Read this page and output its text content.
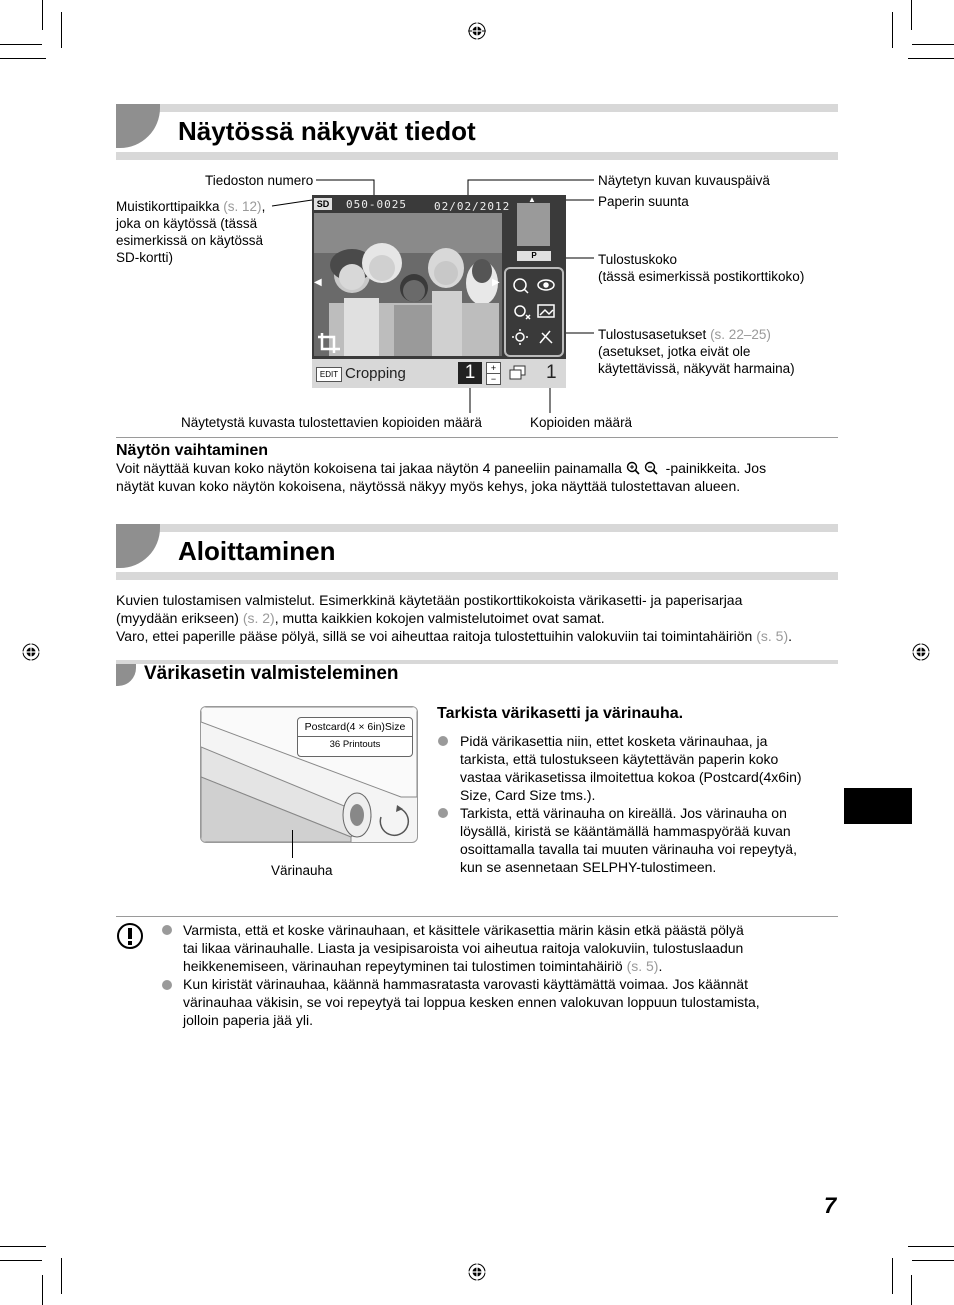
Näytössä näkyvät tiedot
Tiedoston numero
Muistikorttipaikka (s. 12),
joka on käytössä (tässä
esimerkissä on käytössä
SD-kortti)
Näytetyn kuvan kuvauspäivä
Paperin suunta
Tulostuskoko
(tässä esimerkissä postikorttikoko)
Tulostusasetukset (s. 22–25)
(asetukset, jotka eivät ole
käytettävissä, näkyvät harmaina)
Näytetystä kuvasta tulostettavien kopioiden määrä	Kopioiden määrä
SD 050-0025 02/02/2012
◀	▶
▲
P
EDIT Cropping	1	+
−	1
Näytön vaihtaminen
Voit näyttää kuvan koko näytön kokoisena tai jakaa näytön 4 paneeliin painamalla	-painikkeita. Jos
näytät kuvan koko näytön kokoisena, näytössä näkyy myös kehys, joka näyttää tulostettavan alueen.
Aloittaminen
Kuvien tulostamisen valmistelut. Esimerkkinä käytetään postikorttikokoista värikasetti- ja paperisarjaa
(myydään erikseen) (s. 2), mutta kaikkien kokojen valmistelutoimet ovat samat.
Varo, ettei paperille pääse pölyä, sillä se voi aiheuttaa raitoja tulostettuihin valokuviin tai toimintahäiriön (s. 5).
Värikasetin valmisteleminen
Postcard(4 × 6in)Size
36 Printouts
Värinauha
Tarkista värikasetti ja värinauha.
Pidä värikasettia niin, ettet kosketa värinauhaa, ja
tarkista, että tulostukseen käytettävän paperin koko
vastaa värikasetissa ilmoitettua kokoa (Postcard(4x6in)
Size, Card Size tms.).
Tarkista, että värinauha on kireällä. Jos värinauha on
löysällä, kiristä se kääntämällä hammaspyörää kuvan
osoittamalla tavalla tai muuten värinauha voi repeytyä,
kun se asennetaan SELPHY-tulostimeen.
Varmista, että et koske värinauhaan, et käsittele värikasettia märin käsin etkä päästä pölyä
tai likaa värinauhalle. Liasta ja vesipisaroista voi aiheutua raitoja valokuviin, tulostuslaadun
heikkenemiseen, värinauhan repeytyminen tai tulostimen toimintahäiriö (s. 5).
Kun kiristät värinauhaa, käännä hammasratasta varovasti käyttämättä voimaa. Jos käännät
värinauhaa väkisin, se voi repeytyä tai loppua kesken ennen valokuvan loppuun tulostamista,
jolloin paperia jää yli.
7
